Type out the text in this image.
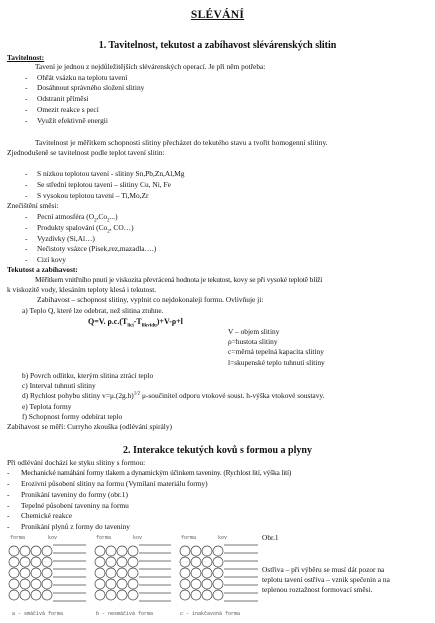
SLÉVÁNÍ
1. Tavitelnost, tekutost a zabíhavost slévárenských slitin
Tavitelnost:
Tavení je jednou z nejdůležitějších slévárenských operací. Je při něm potřeba:
- Ohřát vsázku na teplotu tavení
- Dosáhnout správného složení slitiny
- Odstranit příměsi
- Omezit reakce s pecí
- Využít efektivně energii
Tavitelnost je měřítkem schopnosti slitiny přecházet do tekutého stavu a tvořit homogenní slitiny.
Zjednodušeně se tavitelnost podle teplot tavení slitin:
- S nízkou teplotou tavení - slitiny Sn,Pb,Zn,Al,Mg
- Se střední teplotou tavení – slitiny Cu, Ni, Fe
- S vysokou teplotou tavení – Ti,Mo,Zr
Znečištění směsi:
- Pecní atmosféra $(O_2,Co_2...)$
- Produkty spalování ($Co_2$, CO…)
- Vyzdívky (Si,Al…)
- Nečistoty vsázce (Písek,rez,mazadla….)
- Cizí kovy
Tekutost a zabíhavost:
Měřítkem vnitřního pnutí je viskozita převrácená hodnota je tekutost, kovy se při vysoké teplotě blíží
k viskozitě vody, klesáním teploty klesá i tekutost.
Zabíhavost – schopnost slitiny, vyplnit co nejdokonaleji formu. Ovlivňuje ji:
a) Teplo Q, které lze odebrat, než slitina ztuhne.
Q=V. $\rho.c.(T_{lici}-T_{likvidu})+V-\rho+l$
V – objem slitiny
ρ=hustota slitiny
c=měrná tepelná kapacita slitiny
l=skupenské teplo tuhnutí slitiny
b) Povrch odlitku, kterým slitina ztrácí teplo
c) Interval tuhnutí slitiny
d) Rychlost pohybu slitiny $v=\mu.(2g.h)^{1/2}$ μ-součinitel odporu vtokové soust. h-výška vtokové soustavy.
e) Teplota formy
f) Schopnost formy odebírat teplo
Zabíhavost se měří: Curryho zkouška (odlévání spirály)
2. Interakce tekutých kovů s formou a plyny
Při odlévání dochází ke styku slitiny s formou:
- Mechanické namáhání formy tlakem a dynamickým účinkem taveniny. (Rychlost lití, výška lití)
- Erozivní působení slitiny na formu (Vymílaní materiálu formy)
- Pronikání taveniny do formy (obr.1)
- Tepelné působení taveniny na formu
- Chemické reakce
- Pronikání plynů z formy do taveniny
forma	kov	forma	kov	forma	kov
a - smáčivá forma	b - nesmáčivá forma	c - inakčavoná forma
Obr.1
Ostřiva – při výběru se musí dát pozor na
teplotu tavení ostřiva – vznik spečenin a na
teplenou roztažnost formovací směsi.
